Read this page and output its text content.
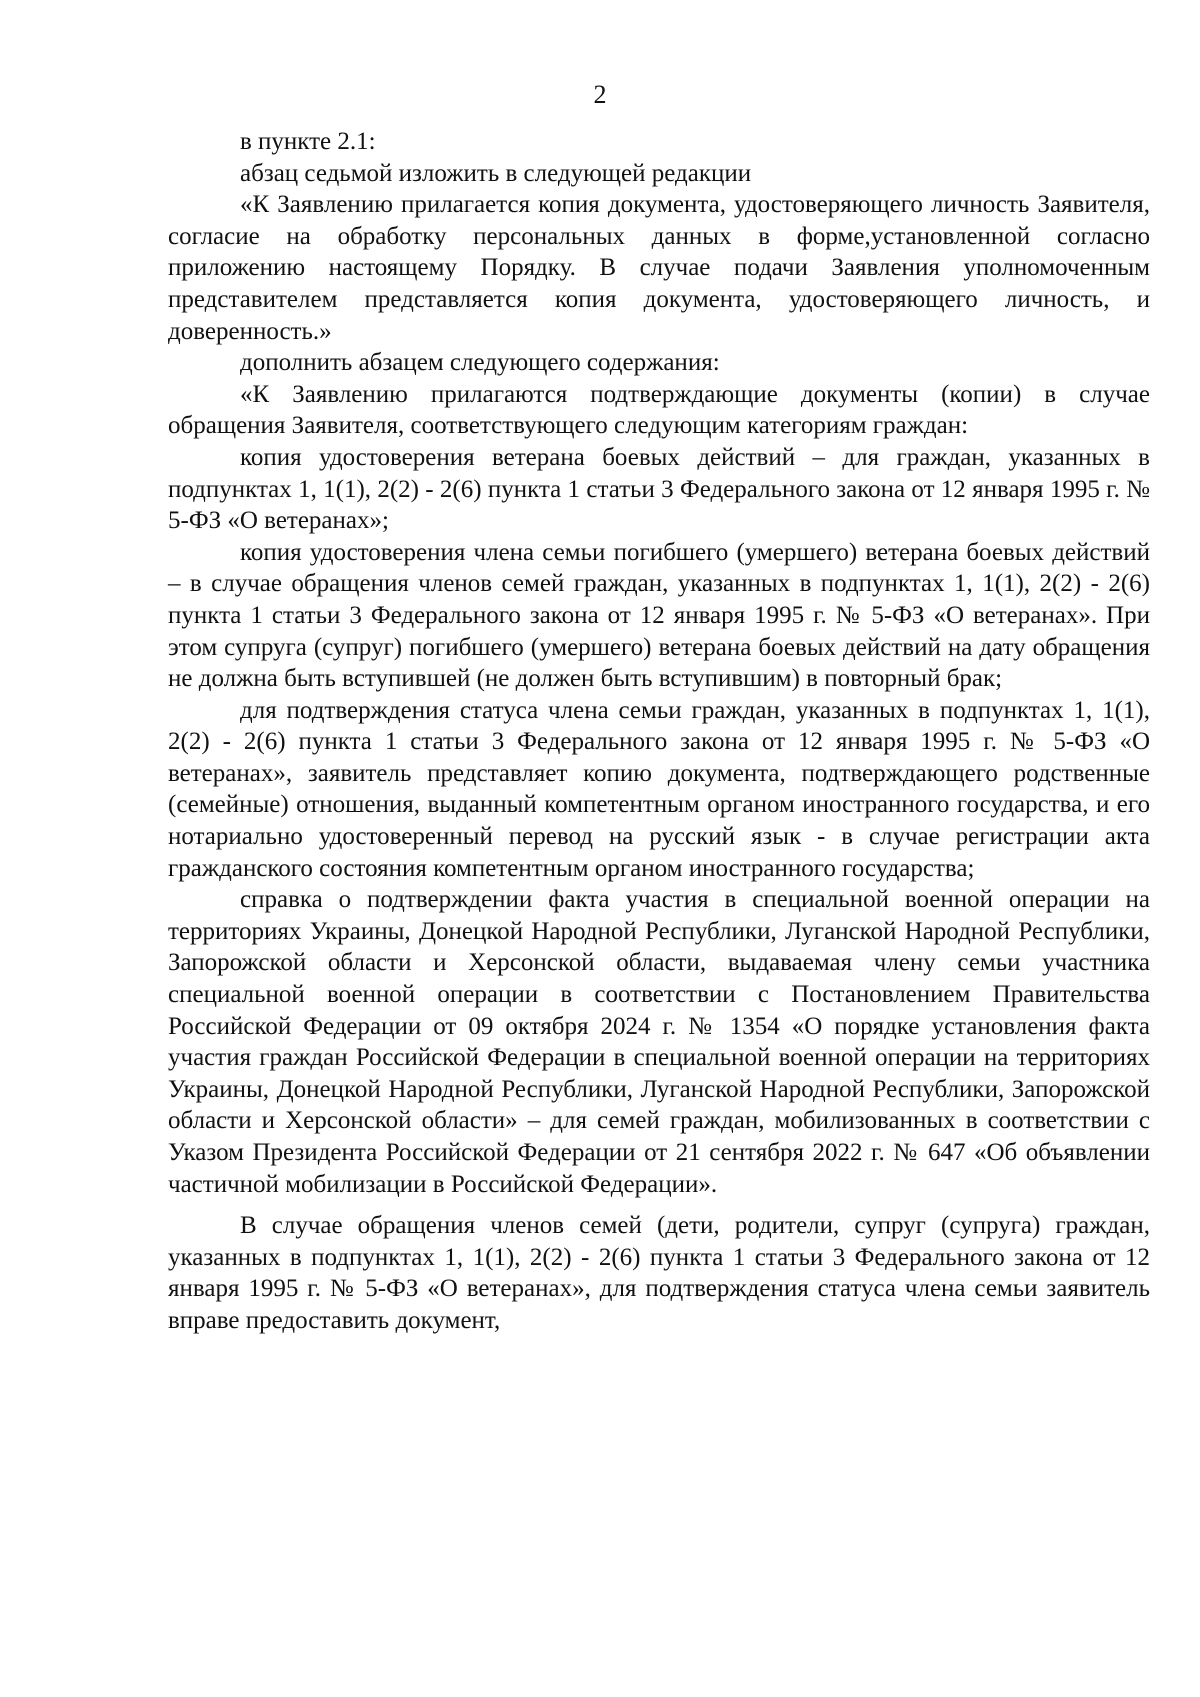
2

в пункте 2.1:

абзац седьмой изложить в следующей редакции

«К Заявлению прилагается копия документа, удостоверяющего личность Заявителя, согласие на обработку персональных данных в форме,установленной согласно приложению настоящему Порядку. В случае подачи Заявления уполномоченным представителем представляется копия документа, удостоверяющего личность, и доверенность.»

дополнить абзацем следующего содержания:

«К Заявлению прилагаются подтверждающие документы (копии) в случае обращения Заявителя, соответствующего следующим категориям граждан:

копия удостоверения ветерана боевых действий – для граждан, указанных в подпунктах 1, 1(1), 2(2) - 2(6) пункта 1 статьи 3 Федерального закона от 12 января 1995 г. № 5-ФЗ «О ветеранах»;

копия удостоверения члена семьи погибшего (умершего) ветерана боевых действий – в случае обращения членов семей граждан, указанных в подпунктах 1, 1(1), 2(2) - 2(6) пункта 1 статьи 3 Федерального закона от 12 января 1995 г. № 5-ФЗ «О ветеранах». При этом супруга (супруг) погибшего (умершего) ветерана боевых действий на дату обращения не должна быть вступившей (не должен быть вступившим) в повторный брак;

для подтверждения статуса члена семьи граждан, указанных в подпунктах 1, 1(1), 2(2) - 2(6) пункта 1 статьи 3 Федерального закона от 12 января 1995 г. № 5-ФЗ «О ветеранах», заявитель представляет копию документа, подтверждающего родственные (семейные) отношения, выданный компетентным органом иностранного государства, и его нотариально удостоверенный перевод на русский язык - в случае регистрации акта гражданского состояния компетентным органом иностранного государства;

справка о подтверждении факта участия в специальной военной операции на территориях Украины, Донецкой Народной Республики, Луганской Народной Республики, Запорожской области и Херсонской области, выдаваемая члену семьи участника специальной военной операции в соответствии с Постановлением Правительства Российской Федерации от 09 октября 2024 г. № 1354 «О порядке установления факта участия граждан Российской Федерации в специальной военной операции на территориях Украины, Донецкой Народной Республики, Луганской Народной Республики, Запорожской области и Херсонской области» – для семей граждан, мобилизованных в соответствии с Указом Президента Российской Федерации от 21 сентября 2022 г. № 647 «Об объявлении частичной мобилизации в Российской Федерации».

В случае обращения членов семей (дети, родители, супруг (супруга) граждан, указанных в подпунктах 1, 1(1), 2(2) - 2(6) пункта 1 статьи 3 Федерального закона от 12 января 1995 г. № 5-ФЗ «О ветеранах», для подтверждения статуса члена семьи заявитель вправе предоставить документ,
